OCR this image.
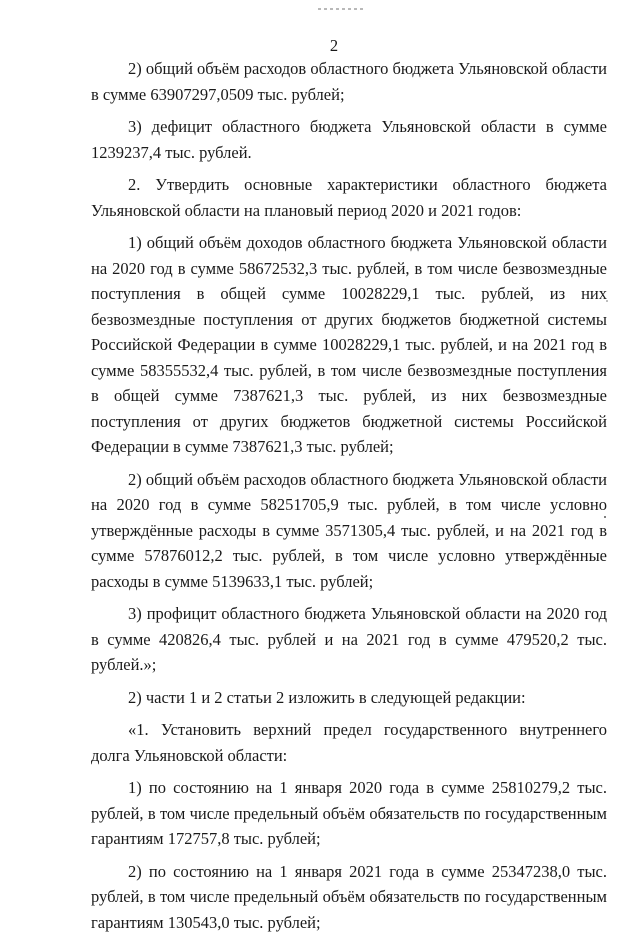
2

2) общий объём расходов областного бюджета Ульяновской области в сумме 63907297,0509 тыс. рублей;

3) дефицит областного бюджета Ульяновской области в сумме 1239237,4 тыс. рублей.

2. Утвердить основные характеристики областного бюджета Ульяновской области на плановый период 2020 и 2021 годов:

1) общий объём доходов областного бюджета Ульяновской области на 2020 год в сумме 58672532,3 тыс. рублей, в том числе безвозмездные поступления в общей сумме 10028229,1 тыс. рублей, из них безвозмездные поступления от других бюджетов бюджетной системы Российской Федерации в сумме 10028229,1 тыс. рублей, и на 2021 год в сумме 58355532,4 тыс. рублей, в том числе безвозмездные поступления в общей сумме 7387621,3 тыс. рублей, из них безвозмездные поступления от других бюджетов бюджетной системы Российской Федерации в сумме 7387621,3 тыс. рублей;

2) общий объём расходов областного бюджета Ульяновской области на 2020 год в сумме 58251705,9 тыс. рублей, в том числе условно утверждённые расходы в сумме 3571305,4 тыс. рублей, и на 2021 год в сумме 57876012,2 тыс. рублей, в том числе условно утверждённые расходы в сумме 5139633,1 тыс. рублей;

3) профицит областного бюджета Ульяновской области на 2020 год в сумме 420826,4 тыс. рублей и на 2021 год в сумме 479520,2 тыс. рублей.»;

2) части 1 и 2 статьи 2 изложить в следующей редакции:

«1. Установить верхний предел государственного внутреннего долга Ульяновской области:

1) по состоянию на 1 января 2020 года в сумме 25810279,2 тыс. рублей, в том числе предельный объём обязательств по государственным гарантиям 172757,8 тыс. рублей;

2) по состоянию на 1 января 2021 года в сумме 25347238,0 тыс. рублей, в том числе предельный объём обязательств по государственным гарантиям 130543,0 тыс. рублей;
